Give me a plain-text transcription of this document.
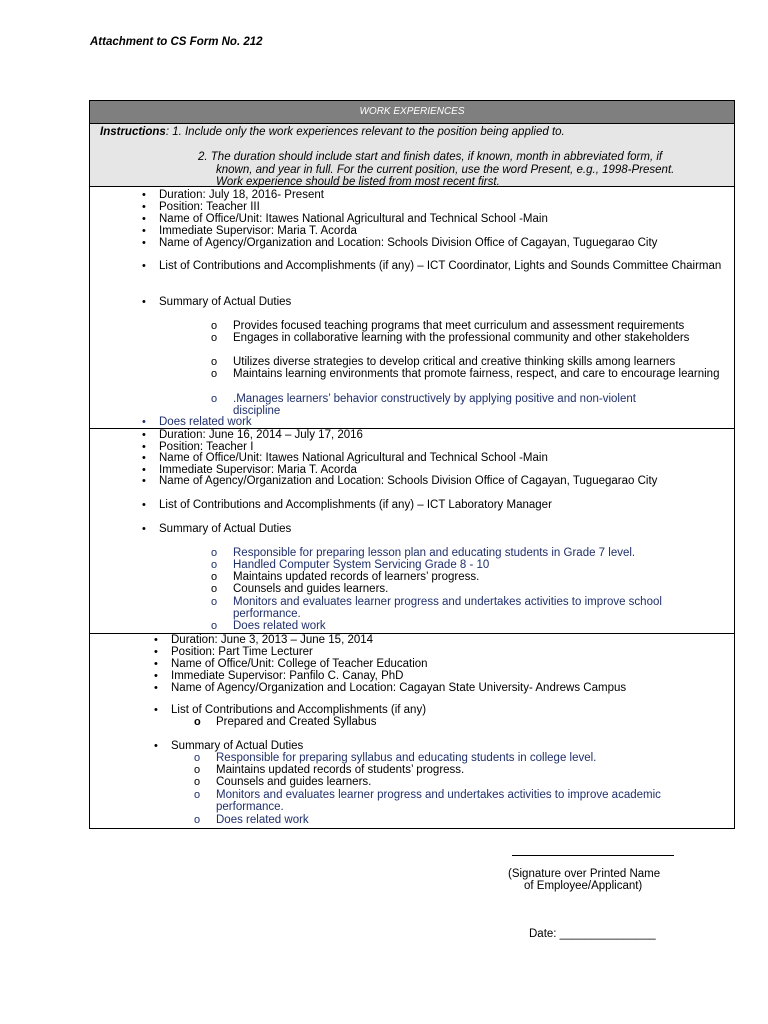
Attachment to CS Form No. 212
WORK EXPERIENCES
Instructions: 1. Include only the work experiences relevant to the position being applied to.
2. The duration should include start and finish dates, if known, month in abbreviated form, if
known, and year in full. For the current position, use the word Present, e.g., 1998-Present.
Work experience should be listed from most recent first.
• Duration: July 18, 2016- Present
• Position: Teacher III
• Name of Office/Unit: Itawes National Agricultural and Technical School -Main
• Immediate Supervisor: Maria T. Acorda
• Name of Agency/Organization and Location: Schools Division Office of Cagayan, Tuguegarao City
• List of Contributions and Accomplishments (if any) – ICT Coordinator, Lights and Sounds Committee Chairman
• Summary of Actual Duties
o Provides focused teaching programs that meet curriculum and assessment requirements
o Engages in collaborative learning with the professional community and other stakeholders
o Utilizes diverse strategies to develop critical and creative thinking skills among learners
o Maintains learning environments that promote fairness, respect, and care to encourage learning
o .Manages learners’ behavior constructively by applying positive and non-violent discipline
• Does related work
• Duration: June 16, 2014 – July 17, 2016
• Position: Teacher I
• Name of Office/Unit: Itawes National Agricultural and Technical School -Main
• Immediate Supervisor: Maria T. Acorda
• Name of Agency/Organization and Location: Schools Division Office of Cagayan, Tuguegarao City
• List of Contributions and Accomplishments (if any) – ICT Laboratory Manager
• Summary of Actual Duties
o Responsible for preparing lesson plan and educating students in Grade 7 level.
o Handled Computer System Servicing Grade 8 - 10
o Maintains updated records of learners’ progress.
o Counsels and guides learners.
o Monitors and evaluates learner progress and undertakes activities to improve school performance.
o Does related work
• Duration: June 3, 2013 – June 15, 2014
• Position: Part Time Lecturer
• Name of Office/Unit: College of Teacher Education
• Immediate Supervisor: Panfilo C. Canay, PhD
• Name of Agency/Organization and Location: Cagayan State University- Andrews Campus
• List of Contributions and Accomplishments (if any)
o Prepared and Created Syllabus
• Summary of Actual Duties
o Responsible for preparing syllabus and educating students in college level.
o Maintains updated records of students’ progress.
o Counsels and guides learners.
o Monitors and evaluates learner progress and undertakes activities to improve academic performance.
o Does related work
(Signature over Printed Name
of Employee/Applicant)
Date: _______________
